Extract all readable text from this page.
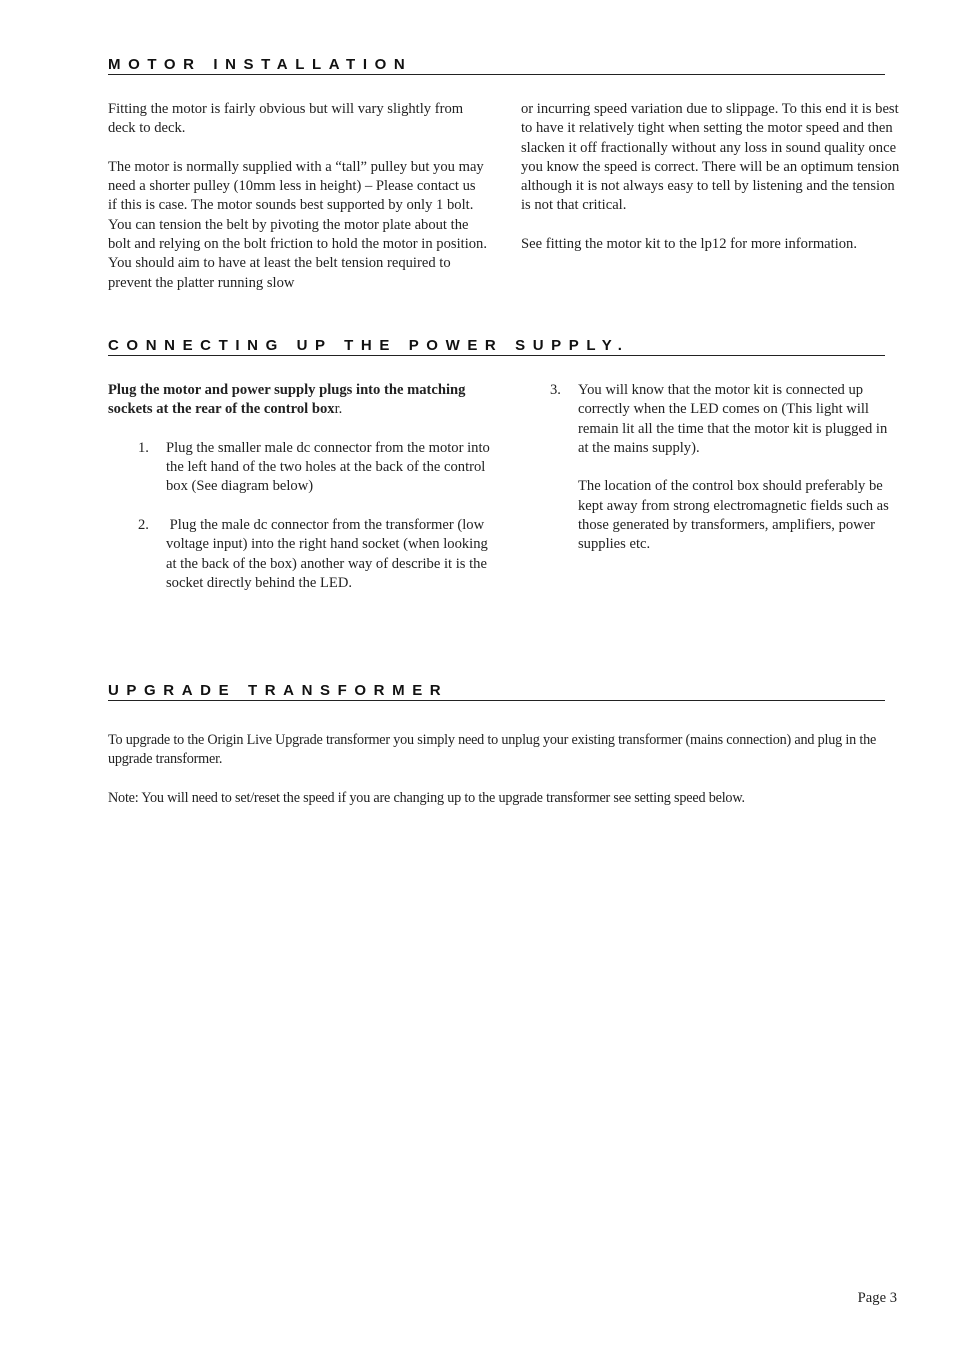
MOTOR INSTALLATION

Fitting the motor is fairly obvious but will vary slightly from deck to deck.

The motor is normally supplied with a “tall” pulley but you may need a shorter pulley (10mm less in height) – Please contact us if this is case. The motor sounds best supported by only 1 bolt. You can tension the belt by pivoting the motor plate about the bolt and relying on the bolt friction to hold the motor in position. You should aim to have at least the belt tension required to prevent the platter running slow

or incurring speed variation due to slippage. To this end it is best to have it relatively tight when setting the motor speed and then slacken it off fractionally without any loss in sound quality once you know the speed is correct. There will be an optimum tension although it is not always easy to tell by listening and the tension is not that critical.

See fitting the motor kit to the lp12 for more information.

CONNECTING UP THE POWER SUPPLY.

Plug the motor and power supply plugs into the matching sockets at the rear of the control boxr.

1. Plug the smaller male dc connector from the motor into the left hand of the two holes at the back of the control box (See diagram below)
2. Plug the male dc connector from the transformer (low voltage input) into the right hand socket (when looking at the back of the box) another way of describe it is the socket directly behind the LED.
3. You will know that the motor kit is connected up correctly when the LED comes on (This light will remain lit all the time that the motor kit is plugged in at the mains supply).
The location of the control box should preferably be kept away from strong electromagnetic fields such as those generated by transformers, amplifiers, power supplies etc.
UPGRADE TRANSFORMER

To upgrade to the Origin Live Upgrade transformer you simply need to unplug your existing transformer (mains connection) and plug in the upgrade transformer.

Note: You will need to set/reset the speed if you are changing up to the upgrade transformer see setting speed below.

Page 3
